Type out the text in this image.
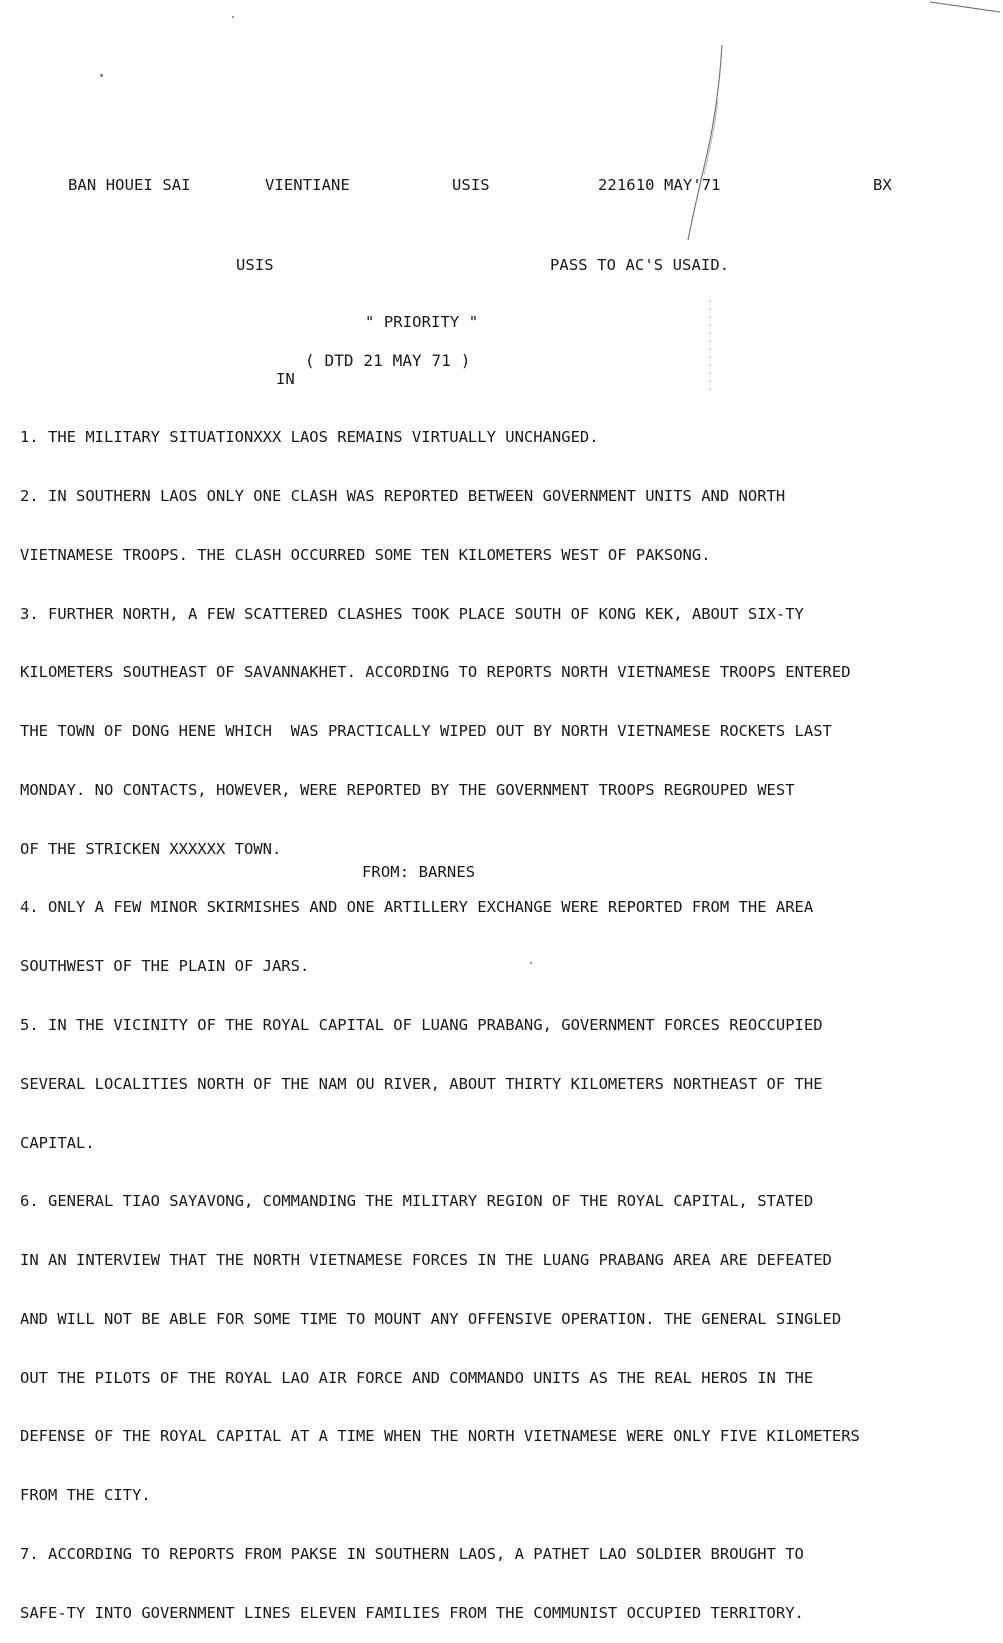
BAN HOUEI SAI	VIENTIANE	USIS	221610 MAY'71	BX
USIS	PASS TO AC'S USAID.
" PRIORITY "
( DTD 21 MAY 71 )
IN

1. THE MILITARY SITUATIONXXX LAOS REMAINS VIRTUALLY UNCHANGED.

2. IN SOUTHERN LAOS ONLY ONE CLASH WAS REPORTED BETWEEN GOVERNMENT UNITS AND NORTH

VIETNAMESE TROOPS. THE CLASH OCCURRED SOME TEN KILOMETERS WEST OF PAKSONG.

3. FURTHER NORTH, A FEW SCATTERED CLASHES TOOK PLACE SOUTH OF KONG KEK, ABOUT SIX-TY

KILOMETERS SOUTHEAST OF SAVANNAKHET. ACCORDING TO REPORTS NORTH VIETNAMESE TROOPS ENTERED

THE TOWN OF DONG HENE WHICH  WAS PRACTICALLY WIPED OUT BY NORTH VIETNAMESE ROCKETS LAST

MONDAY. NO CONTACTS, HOWEVER, WERE REPORTED BY THE GOVERNMENT TROOPS REGROUPED WEST

OF THE STRICKEN XXXXXX TOWN.

4. ONLY A FEW MINOR SKIRMISHES AND ONE ARTILLERY EXCHANGE WERE REPORTED FROM THE AREA

SOUTHWEST OF THE PLAIN OF JARS.

5. IN THE VICINITY OF THE ROYAL CAPITAL OF LUANG PRABANG, GOVERNMENT FORCES REOCCUPIED

SEVERAL LOCALITIES NORTH OF THE NAM OU RIVER, ABOUT THIRTY KILOMETERS NORTHEAST OF THE

CAPITAL.

6. GENERAL TIAO SAYAVONG, COMMANDING THE MILITARY REGION OF THE ROYAL CAPITAL, STATED

IN AN INTERVIEW THAT THE NORTH VIETNAMESE FORCES IN THE LUANG PRABANG AREA ARE DEFEATED

AND WILL NOT BE ABLE FOR SOME TIME TO MOUNT ANY OFFENSIVE OPERATION. THE GENERAL SINGLED

OUT THE PILOTS OF THE ROYAL LAO AIR FORCE AND COMMANDO UNITS AS THE REAL HEROS IN THE

DEFENSE OF THE ROYAL CAPITAL AT A TIME WHEN THE NORTH VIETNAMESE WERE ONLY FIVE KILOMETERS

FROM THE CITY.

7. ACCORDING TO REPORTS FROM PAKSE IN SOUTHERN LAOS, A PATHET LAO SOLDIER BROUGHT TO

SAFE-TY INTO GOVERNMENT LINES ELEVEN FAMILIES FROM THE COMMUNIST OCCUPIED TERRITORY.

FROM: BARNES
